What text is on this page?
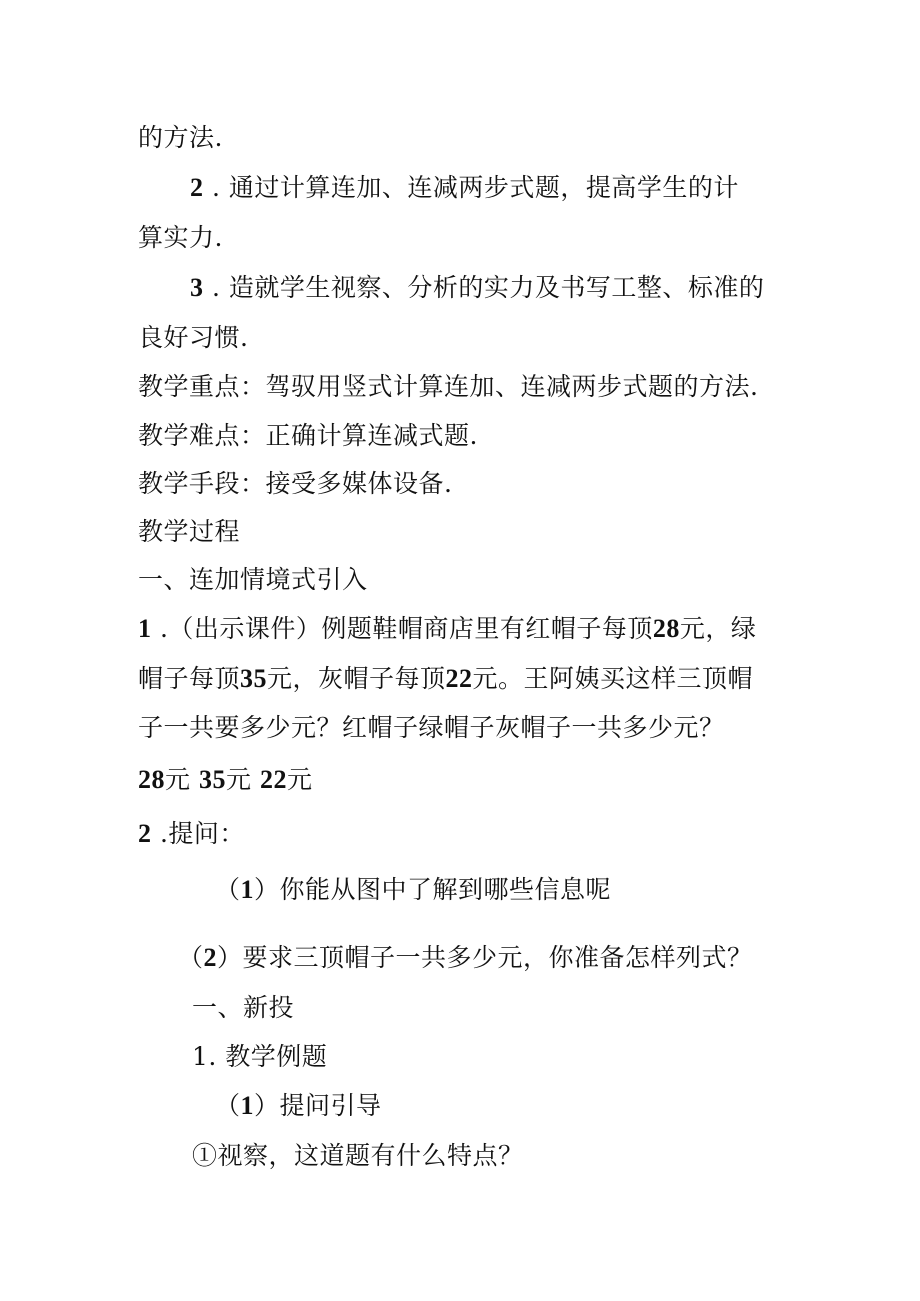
的方法.
2 . 通过计算连加、连减两步式题，提高学生的计
算实力.
3 . 造就学生视察、分析的实力及书写工整、标准的
良好习惯.
教学重点：驾驭用竖式计算连加、连减两步式题的方法.
教学难点：正确计算连减式题.
教学手段：接受多媒体设备.
教学过程
一、连加情境式引入
1 .（出示课件）例题鞋帽商店里有红帽子每顶28元，绿
帽子每顶35元，灰帽子每顶22元。王阿姨买这样三顶帽
子一共要多少元？红帽子绿帽子灰帽子一共多少元？
28元 35元 22元
2 .提问：
（1）你能从图中了解到哪些信息呢
（2）要求三顶帽子一共多少元，你准备怎样列式？
一、新投
1. 教学例题
（1）提问引导
①视察，这道题有什么特点？
